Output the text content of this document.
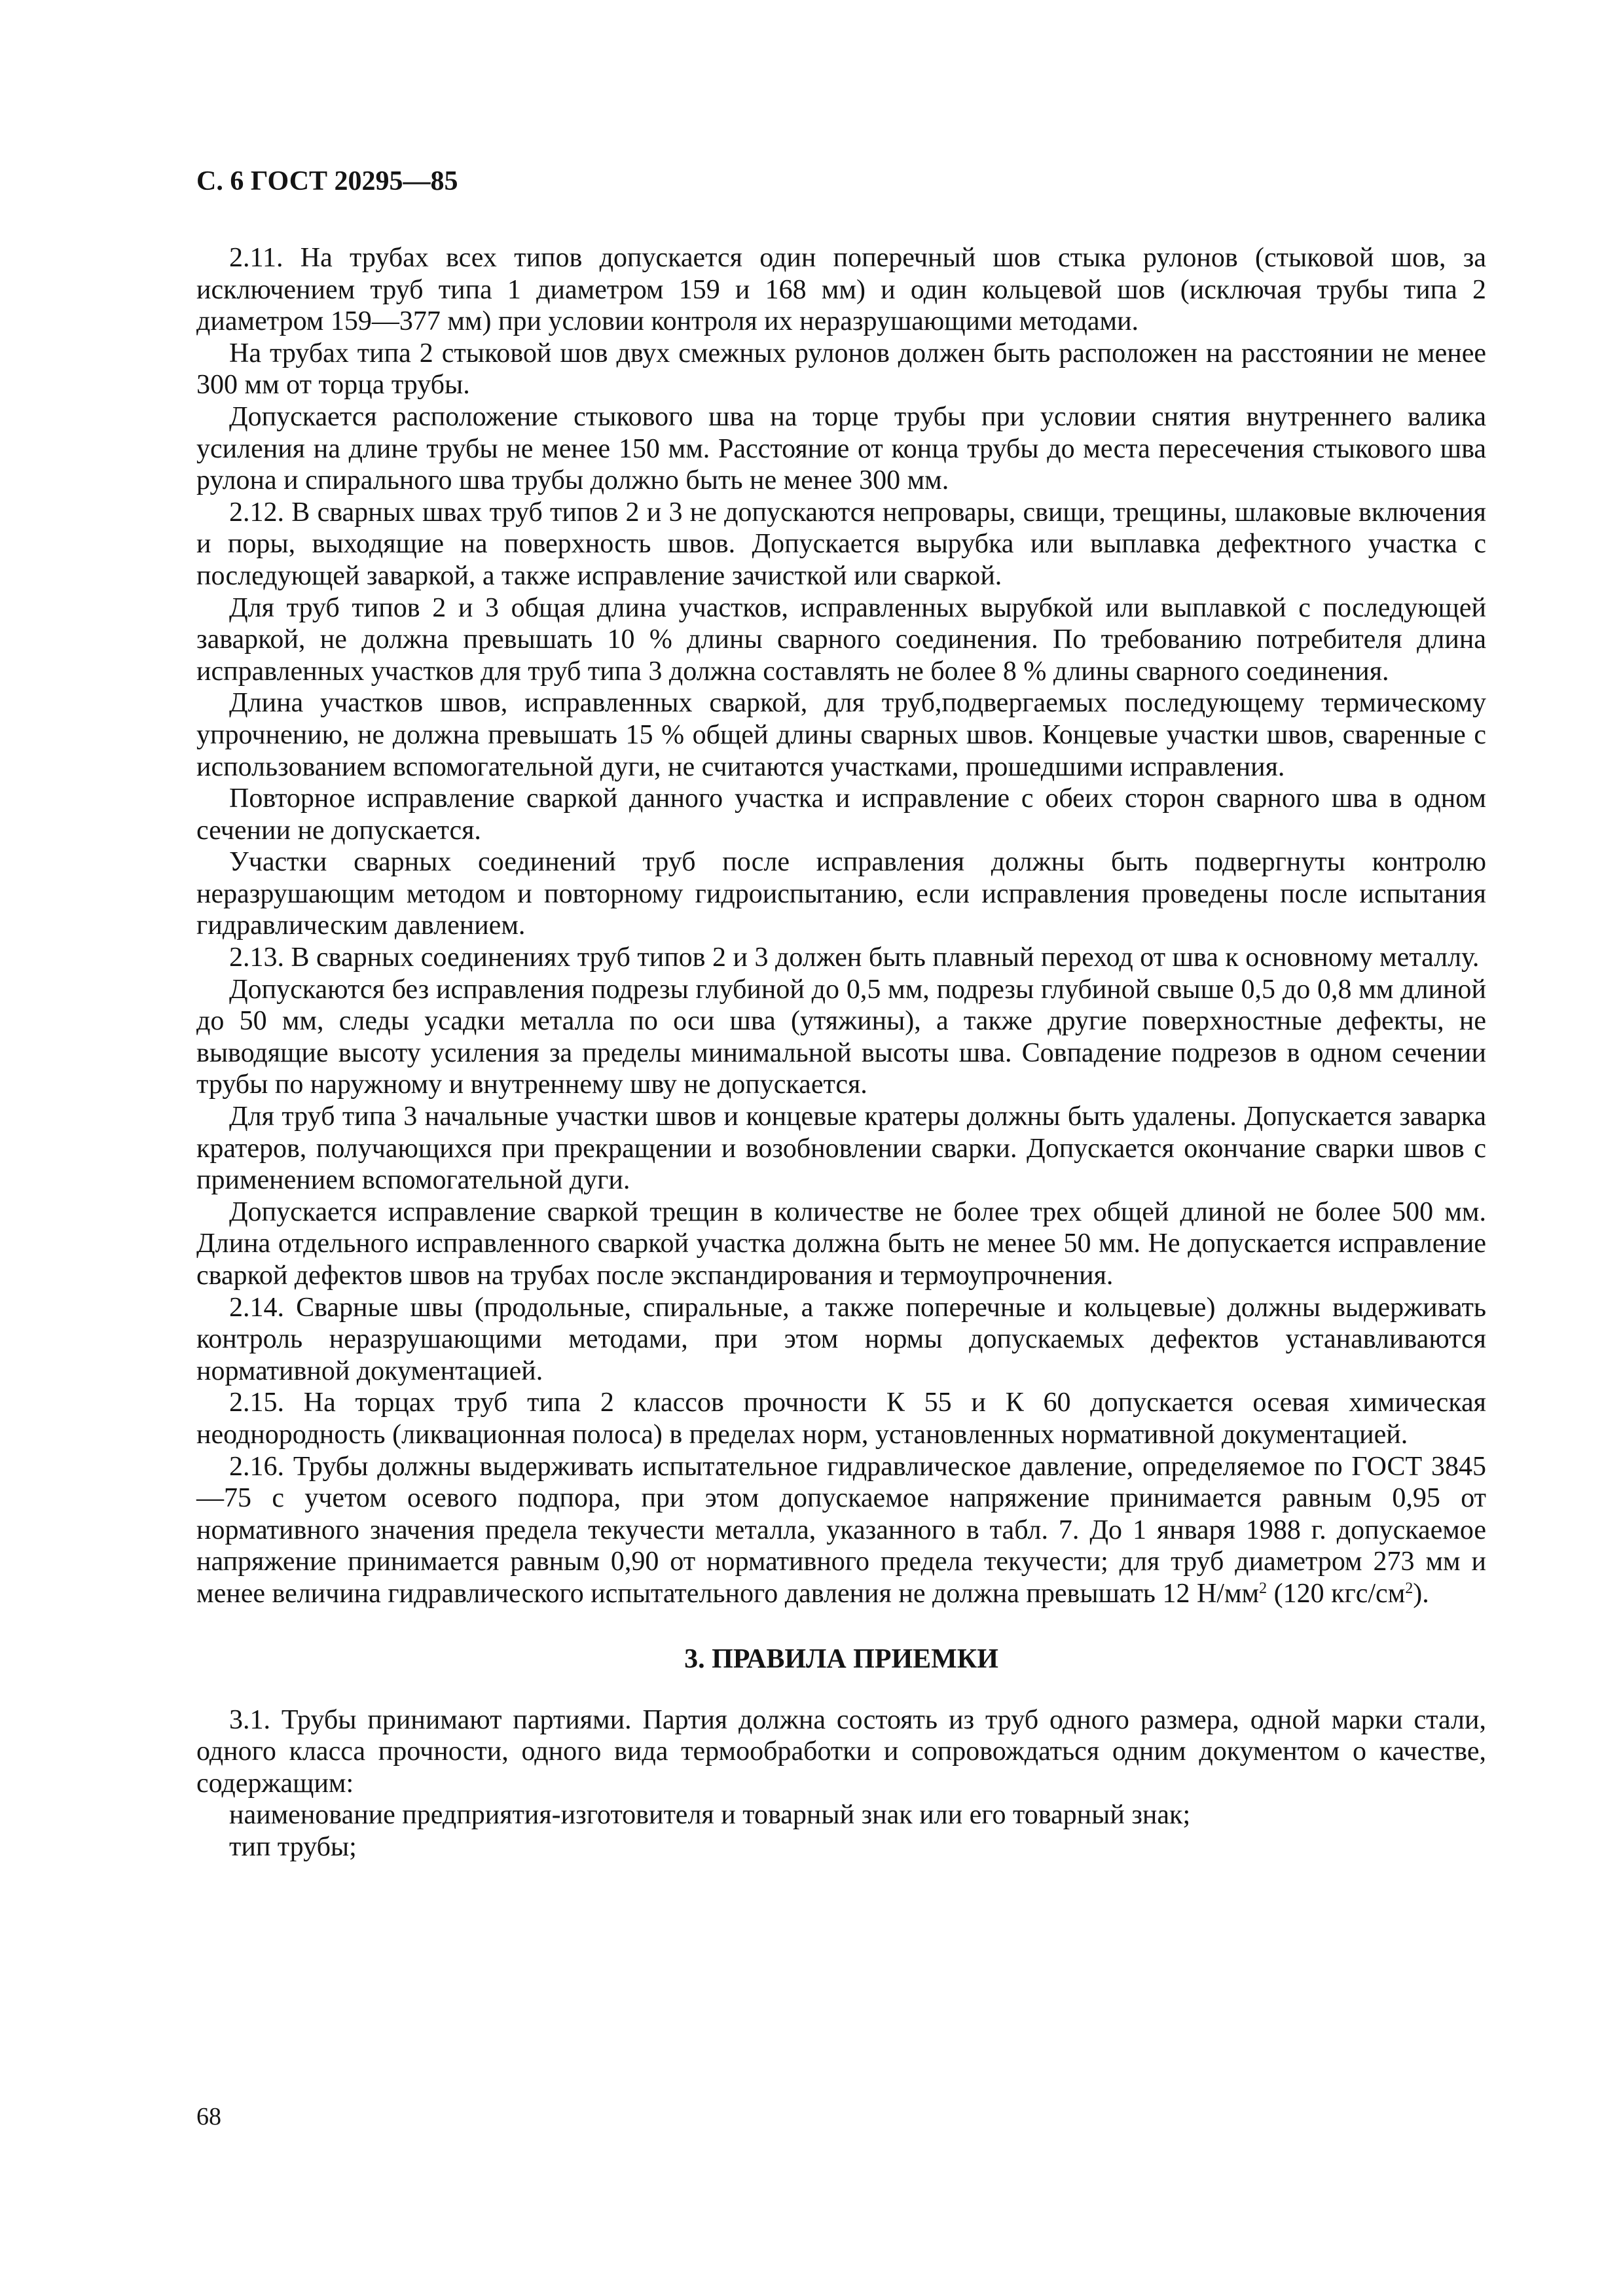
С. 6 ГОСТ 20295—85

2.11. На трубах всех типов допускается один поперечный шов стыка рулонов (стыковой шов, за исключением труб типа 1 диаметром 159 и 168 мм) и один кольцевой шов (исключая трубы типа 2 диаметром 159—377 мм) при условии контроля их неразрушающими методами.

На трубах типа 2 стыковой шов двух смежных рулонов должен быть расположен на расстоянии не менее 300 мм от торца трубы.

Допускается расположение стыкового шва на торце трубы при условии снятия внутреннего валика усиления на длине трубы не менее 150 мм. Расстояние от конца трубы до места пересечения стыкового шва рулона и спирального шва трубы должно быть не менее 300 мм.

2.12. В сварных швах труб типов 2 и 3 не допускаются непровары, свищи, трещины, шлаковые включения и поры, выходящие на поверхность швов. Допускается вырубка или выплавка дефектного участка с последующей заваркой, а также исправление зачисткой или сваркой.

Для труб типов 2 и 3 общая длина участков, исправленных вырубкой или выплавкой с последующей заваркой, не должна превышать 10 % длины сварного соединения. По требованию потребителя длина исправленных участков для труб типа 3 должна составлять не более 8 % длины сварного соединения.

Длина участков швов, исправленных сваркой, для труб,подвергаемых последующему термическому упрочнению, не должна превышать 15 % общей длины сварных швов. Концевые участки швов, сваренные с использованием вспомогательной дуги, не считаются участками, прошедшими исправления.

Повторное исправление сваркой данного участка и исправление с обеих сторон сварного шва в одном сечении не допускается.

Участки сварных соединений труб после исправления должны быть подвергнуты контролю неразрушающим методом и повторному гидроиспытанию, если исправления проведены после испытания гидравлическим давлением.

2.13. В сварных соединениях труб типов 2 и 3 должен быть плавный переход от шва к основному металлу.

Допускаются без исправления подрезы глубиной до 0,5 мм, подрезы глубиной свыше 0,5 до 0,8 мм длиной до 50 мм, следы усадки металла по оси шва (утяжины), а также другие поверхностные дефекты, не выводящие высоту усиления за пределы минимальной высоты шва. Совпадение подрезов в одном сечении трубы по наружному и внутреннему шву не допускается.

Для труб типа 3 начальные участки швов и концевые кратеры должны быть удалены. Допускается заварка кратеров, получающихся при прекращении и возобновлении сварки. Допускается окончание сварки швов с применением вспомогательной дуги.

Допускается исправление сваркой трещин в количестве не более трех общей длиной не более 500 мм. Длина отдельного исправленного сваркой участка должна быть не менее 50 мм. Не допускается исправление сваркой дефектов швов на трубах после экспандирования и термоупрочнения.

2.14. Сварные швы (продольные, спиральные, а также поперечные и кольцевые) должны выдерживать контроль неразрушающими методами, при этом нормы допускаемых дефектов устанавливаются нормативной документацией.

2.15. На торцах труб типа 2 классов прочности К 55 и К 60 допускается осевая химическая неоднородность (ликвационная полоса) в пределах норм, установленных нормативной документацией.

2.16. Трубы должны выдерживать испытательное гидравлическое давление, определяемое по ГОСТ 3845—75 с учетом осевого подпора, при этом допускаемое напряжение принимается равным 0,95 от нормативного значения предела текучести металла, указанного в табл. 7. До 1 января 1988 г. допускаемое напряжение принимается равным 0,90 от нормативного предела текучести; для труб диаметром 273 мм и менее величина гидравлического испытательного давления не должна превышать 12 $Н/мм^2$ (120 кгс/$см^2$).

3. ПРАВИЛА ПРИЕМКИ

3.1. Трубы принимают партиями. Партия должна состоять из труб одного размера, одной марки стали, одного класса прочности, одного вида термообработки и сопровождаться одним документом о качестве, содержащим:

наименование предприятия-изготовителя и товарный знак или его товарный знак;

тип трубы;

68
